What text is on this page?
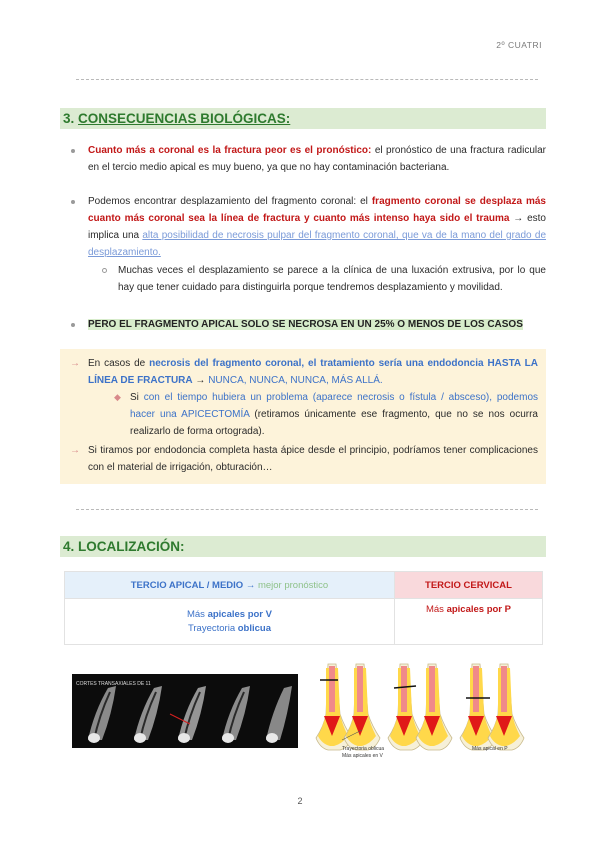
2º CUATRI
3. CONSECUENCIAS BIOLÓGICAS:
Cuanto más a coronal es la fractura peor es el pronóstico: el pronóstico de una fractura radicular en el tercio medio apical es muy bueno, ya que no hay contaminación bacteriana.
Podemos encontrar desplazamiento del fragmento coronal: el fragmento coronal se desplaza más cuanto más coronal sea la línea de fractura y cuanto más intenso haya sido el trauma → esto implica una alta posibilidad de necrosis pulpar del fragmento coronal, que va de la mano del grado de desplazamiento.
Muchas veces el desplazamiento se parece a la clínica de una luxación extrusiva, por lo que hay que tener cuidado para distinguirla porque tendremos desplazamiento y movilidad.
PERO EL FRAGMENTO APICAL SOLO SE NECROSA EN UN 25% O MENOS DE LOS CASOS
→ En casos de necrosis del fragmento coronal, el tratamiento sería una endodoncia HASTA LA LÍNEA DE FRACTURA → NUNCA, NUNCA, NUNCA, MÁS ALLÁ.
◆ Si con el tiempo hubiera un problema (aparece necrosis o fístula / absceso), podemos hacer una APICECTOMÍA (retiramos únicamente ese fragmento, que no se nos ocurra realizarlo de forma ortograda).
→ Si tiramos por endodoncia completa hasta ápice desde el principio, podríamos tener complicaciones con el material de irrigación, obturación…
4. LOCALIZACIÓN:
TERCIO APICAL / MEDIO → mejor pronóstico	TERCIO CERVICAL
Más apicales por V
Trayectoria oblicua	Más apicales por P
CORTES TRANSAXIALES DE 11
Trayectoria oblicua
Más apicales en V
Más apical en P
2
